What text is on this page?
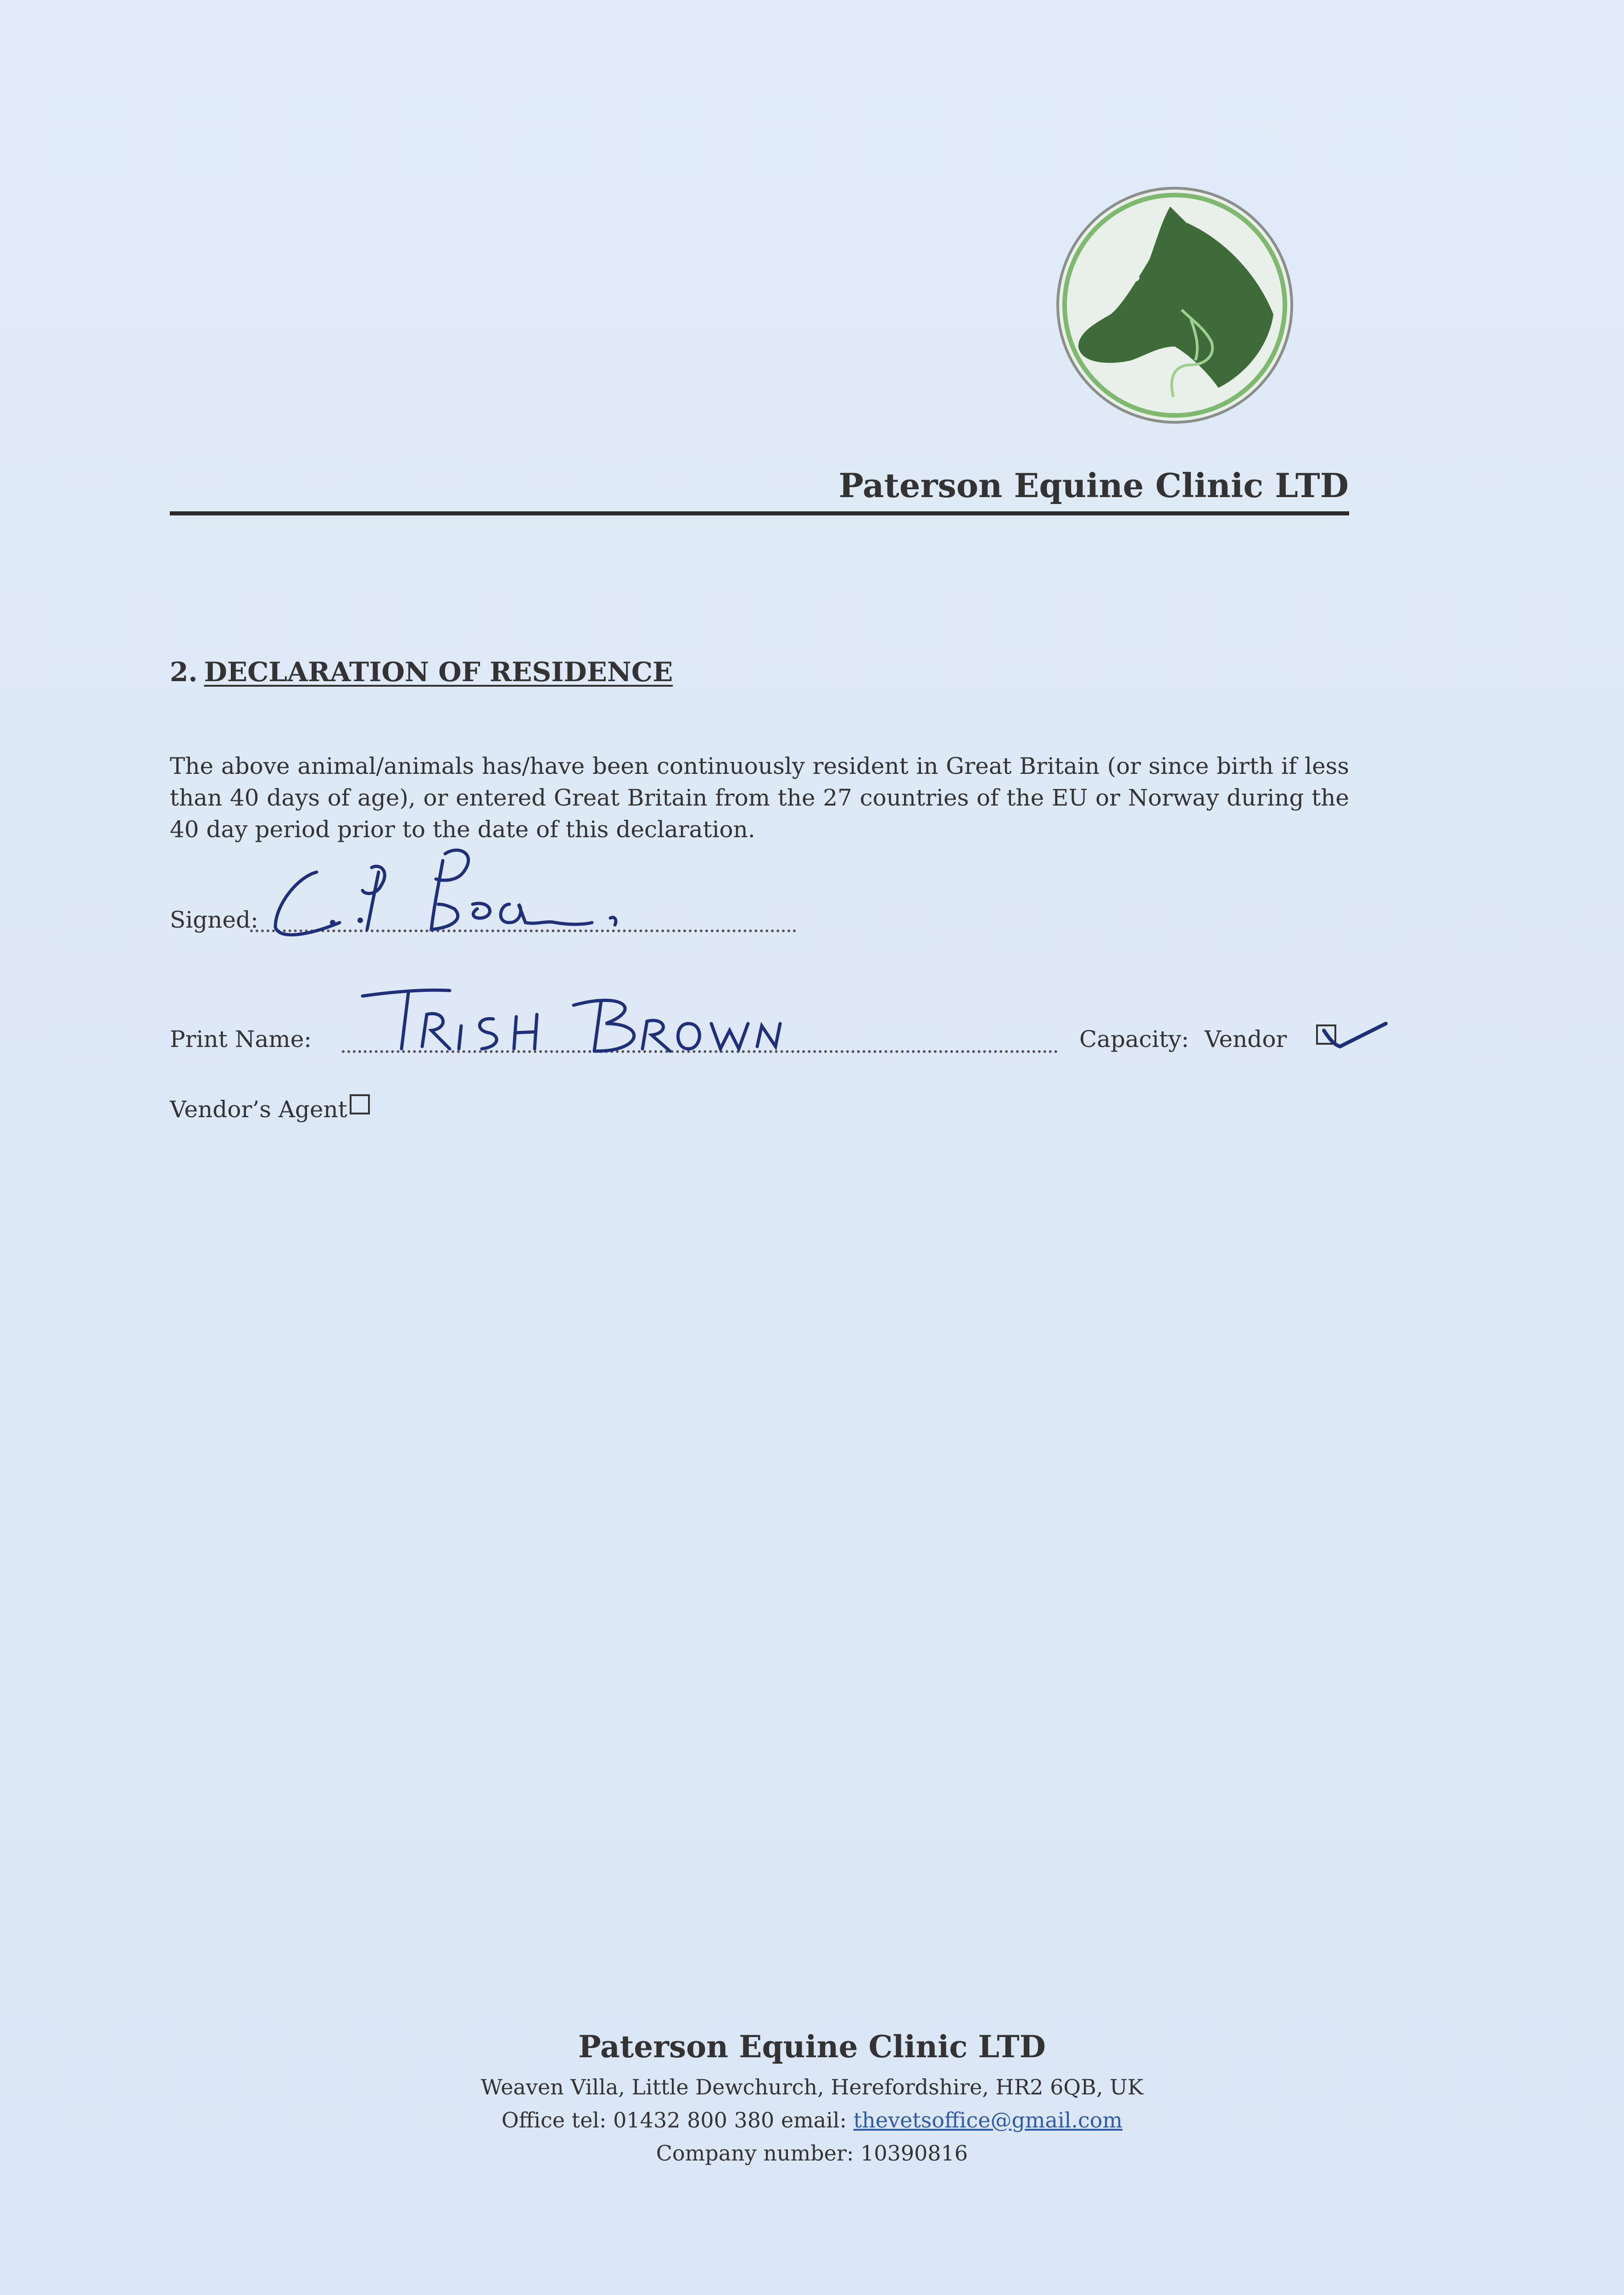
Paterson Equine Clinic LTD
2. DECLARATION OF RESIDENCE
The above animal/animals has/have been continuously resident in Great Britain (or since birth if less than 40 days of age), or entered Great Britain from the 27 countries of the EU or Norway during the 40 day period prior to the date of this declaration.
Signed:
Print Name:	Capacity: Vendor
Vendor’s Agent
Paterson Equine Clinic LTD
Weaven Villa, Little Dewchurch, Herefordshire, HR2 6QB, UK
Office tel: 01432 800 380 email: thevetsoffice@gmail.com
Company number: 10390816
